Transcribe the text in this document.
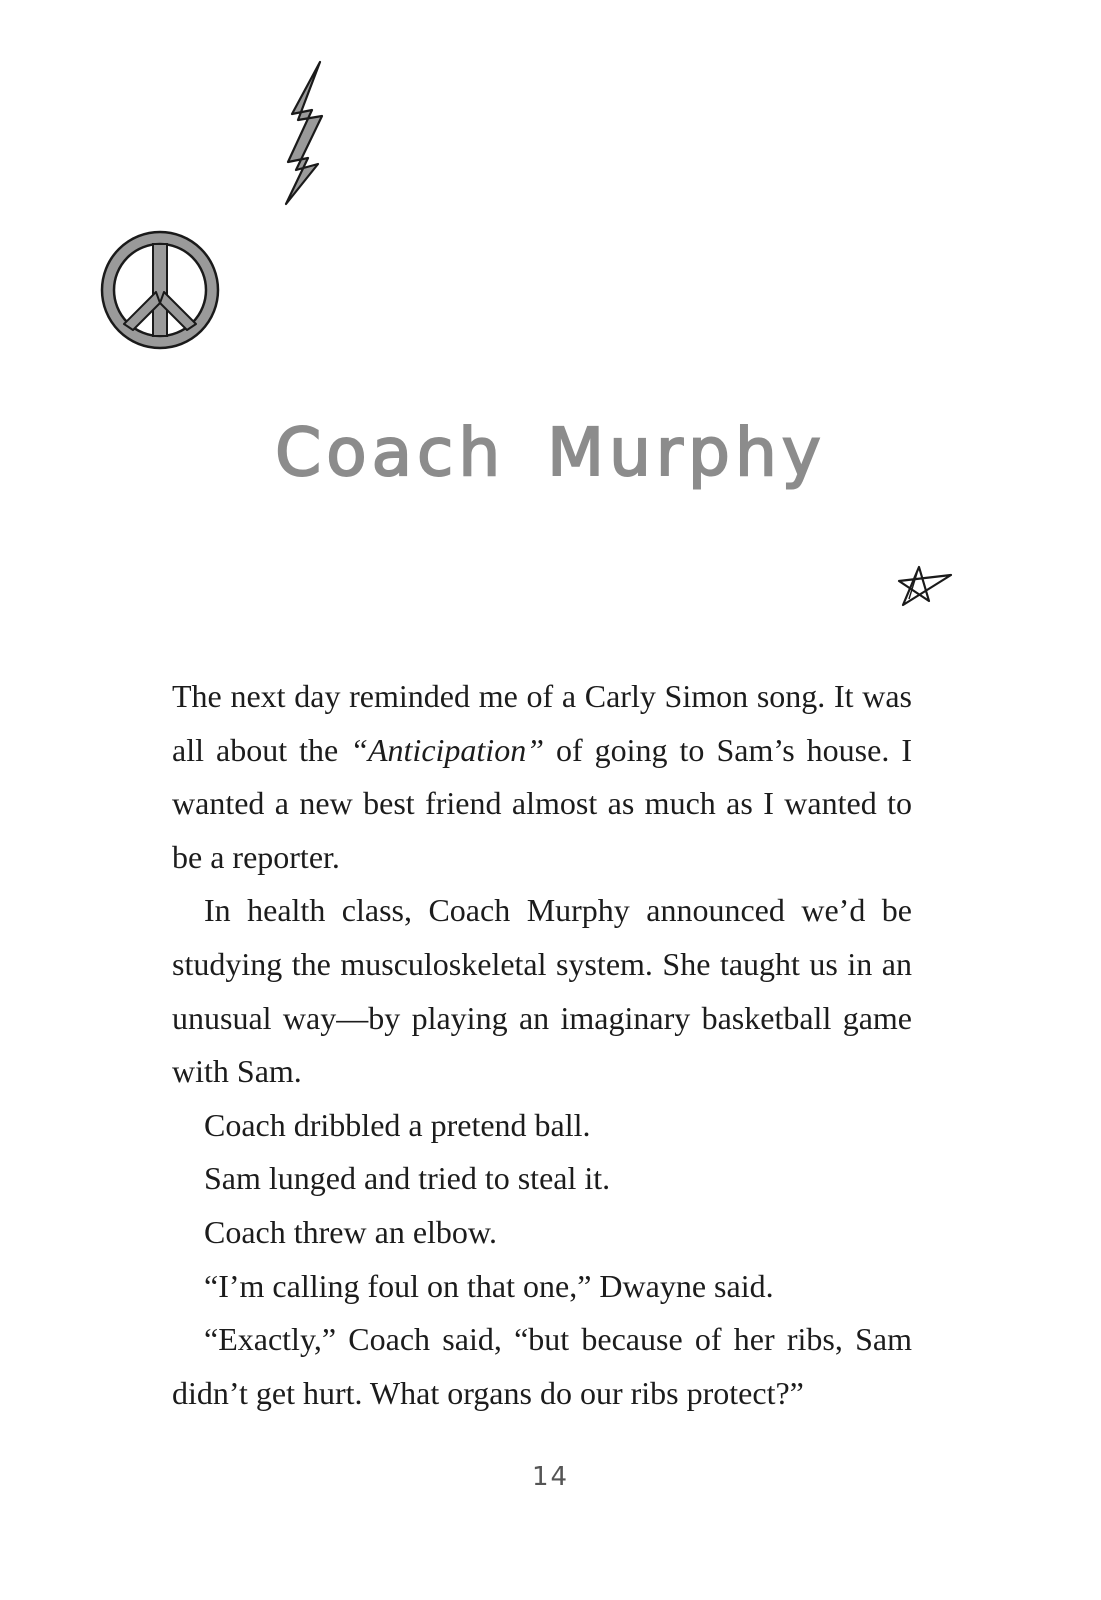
Coach Murphy

The next day reminded me of a Carly Simon song. It was all about the “Anticipation” of going to Sam’s house. I wanted a new best friend almost as much as I wanted to be a reporter.

In health class, Coach Murphy announced we’d be studying the musculoskeletal system. She taught us in an unusual way—by playing an imaginary basketball game with Sam.

Coach dribbled a pretend ball.

Sam lunged and tried to steal it.

Coach threw an elbow.

“I’m calling foul on that one,” Dwayne said.

“Exactly,” Coach said, “but because of her ribs, Sam didn’t get hurt. What organs do our ribs protect?”

14
